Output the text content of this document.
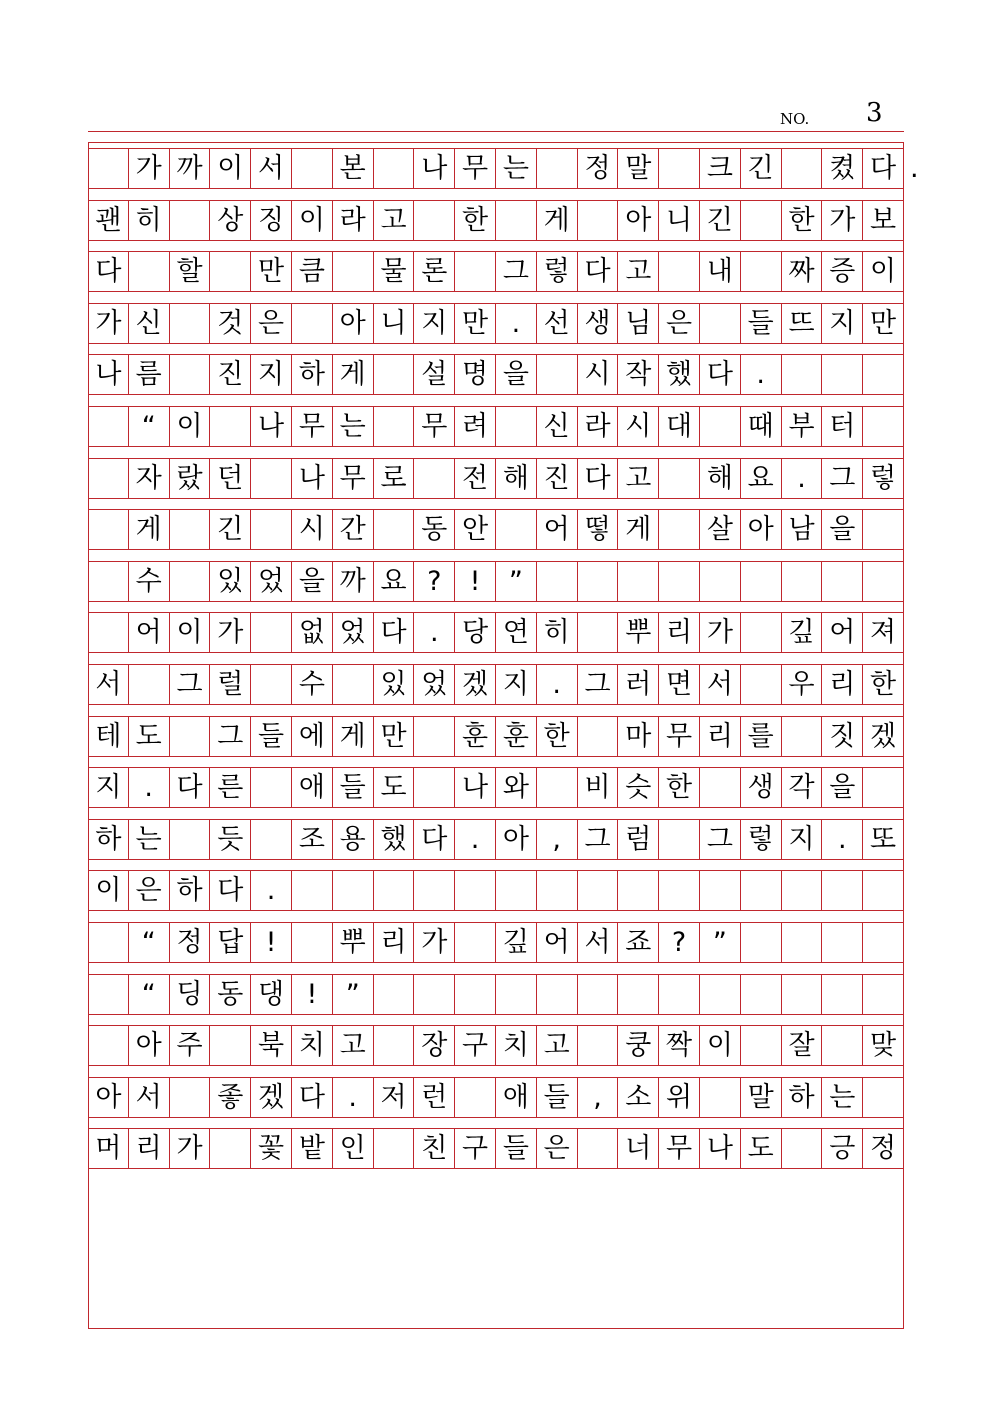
NO. 3
가 까 이 서 본 나 무 는 정 말 크 긴 켰 다
괜 히 상 징 이 라 고 한 게 아 니 긴 한 가 보
다 할 만 큼 물 론 그 렇 다 고 내 짜 증 이
가 신 것 은 아 니 지 만 . 선 생 님 은 들 뜨 지 만
나 름 진 지 하 게 설 명 을 시 작 했 다 .
“ 이 나 무 는 무 려 신 라 시 대 때 부 터
자 랐 던 나 무 로 전 해 진 다 고 해 요 . 그 렇
게 긴 시 간 동 안 어 떻 게 살 아 남 을
수 있 었 을 까 요 ?	!	”
어 이 가 없 었 다 . 당 연 히 뿌 리 가 깊 어 져
서 그 럴 수 있 었 겠 지 . 그 러 면 서 우 리 한
테 도 그 들 에 게 만 훈 훈 한 마 무 리 를 짓 겠
지 . 다 른 애 들 도 나 와 비 슷 한 생 각 을
하 는 듯 조 용 했 다 . 아 , 그 럼 그 렇 지 . 또
이 은 하 다 .
“ 정 답 !	뿌 리 가 깊 어 서 죠 ? ”
“ 딩 동 댕 !	”
아 주 북 치 고 장 구 치 고 쿵 짝 이 잘 맞
아 서 좋 겠 다 . 저 런 애 들 , 소 위 말 하 는
머 리 가 꽃 밭 인 친 구 들 은 너 무 나 도 긍 정
.
